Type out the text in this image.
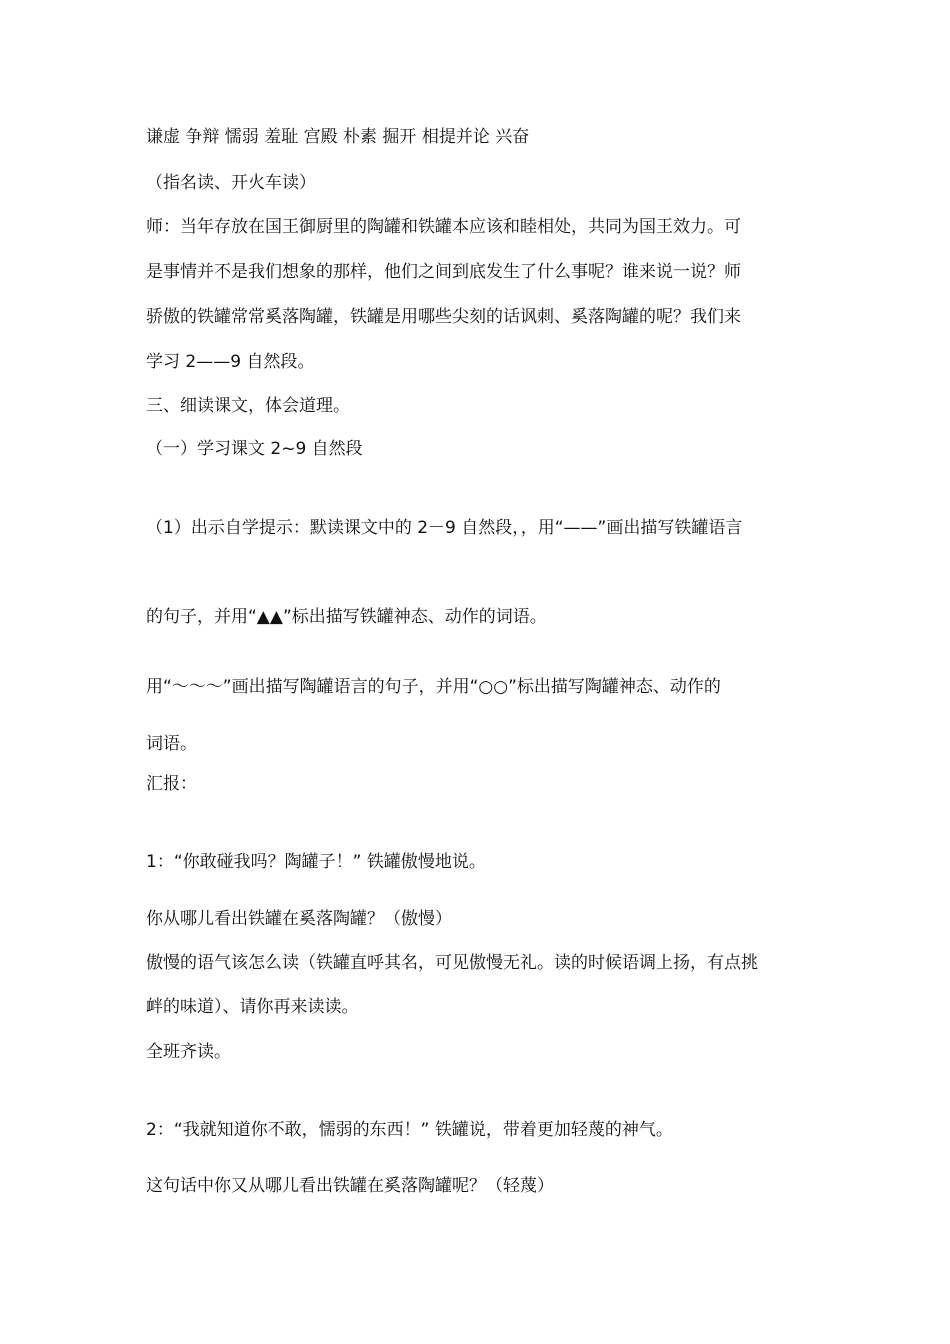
谦虚 争辩 懦弱 羞耻 宫殿 朴素 掘开 相提并论 兴奋

（指名读、开火车读）

师：当年存放在国王御厨里的陶罐和铁罐本应该和睦相处，共同为国王效力。可

是事情并不是我们想象的那样，他们之间到底发生了什么事呢？谁来说一说？师

骄傲的铁罐常常奚落陶罐，铁罐是用哪些尖刻的话讽刺、奚落陶罐的呢？我们来

学习 2——9 自然段。

三、细读课文，体会道理。

（一）学习课文 2~9 自然段

（1）出示自学提示：默读课文中的 2－9 自然段，，用“——”画出描写铁罐语言

的句子，并用“▲▲”标出描写铁罐神态、动作的词语。

用“～～～”画出描写陶罐语言的句子，并用“○○”标出描写陶罐神态、动作的

词语。

汇报：

1：“你敢碰我吗？陶罐子！” 铁罐傲慢地说。

你从哪儿看出铁罐在奚落陶罐？（傲慢）

傲慢的语气该怎么读（铁罐直呼其名，可见傲慢无礼。读的时候语调上扬，有点挑

衅的味道）、请你再来读读。

全班齐读。

2：“我就知道你不敢，懦弱的东西！” 铁罐说，带着更加轻蔑的神气。

这句话中你又从哪儿看出铁罐在奚落陶罐呢？（轻蔑）
